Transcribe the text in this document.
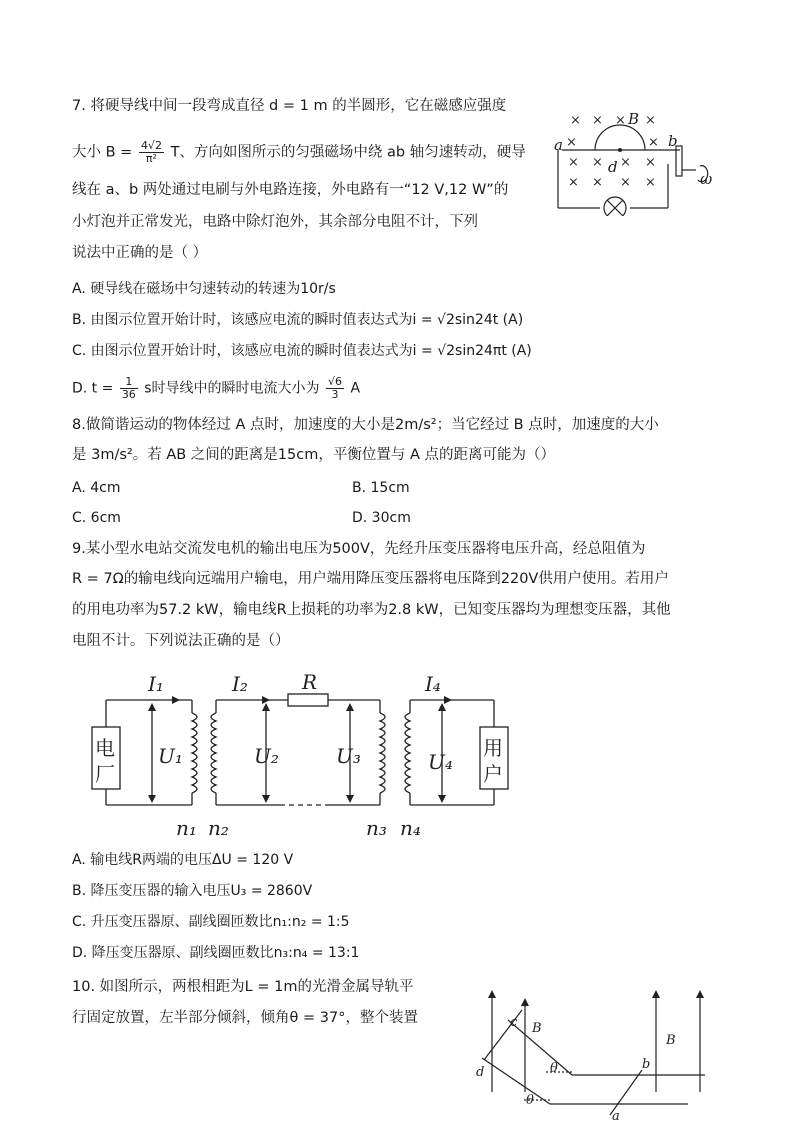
7. 将硬导线中间一段弯成直径 d = 1 m 的半圆形，它在磁感应强度
大小 $B = \frac{4√2}{\text{π²}}$ T、方向如图所示的匀强磁场中绕 ab 轴匀速转动，硬导
线在 a、b 两处通过电刷与外电路连接，外电路有一“12 V,12 W”的
小灯泡并正常发光，电路中除灯泡外，其余部分电阻不计，下列
说法中正确的是（ ）
× × × ×
×	×
× × × ×
× × × ×
a	b
B
d
ω
A. 硬导线在磁场中匀速转动的转速为10r/s
B. 由图示位置开始计时，该感应电流的瞬时值表达式为i = √2sin24t (A)
C. 由图示位置开始计时，该感应电流的瞬时值表达式为i = √2sin24πt (A)
D. $t = \frac{1}{36}$ s时导线中的瞬时电流大小为 $\frac{√6}{3}$ A
8.做简谐运动的物体经过 A 点时，加速度的大小是2m/s²；当它经过 B 点时，加速度的大小
是 3m/s²。若 AB 之间的距离是15cm，平衡位置与 A 点的距离可能为（）
A. 4cm	B. 15cm
C. 6cm	D. 30cm
9.某小型水电站交流发电机的输出电压为500V，先经升压变压器将电压升高，经总阻值为
R = 7Ω的输电线向远端用户输电，用户端用降压变压器将电压降到220V供用户使用。若用户
的用电功率为57.2 kW，输电线R上损耗的功率为2.8 kW，已知变压器均为理想变压器，其他
电阻不计。下列说法正确的是（）
I₁	I₂	R	I₄
U₁	U₂	U₃	U₄
n₁ n₂	n₃ n₄
电
厂
用
户
A. 输电线R两端的电压ΔU = 120 V
B. 降压变压器的输入电压U₃ = 2860V
C. 升压变压器原、副线圈匝数比n₁:n₂ = 1:5
D. 降压变压器原、副线圈匝数比n₃:n₄ = 13:1
10. 如图所示，两根相距为L = 1m的光滑金属导轨平
行固定放置，左半部分倾斜，倾角θ = 37°，整个装置	c
d
B
B
θ
θ
b
a
